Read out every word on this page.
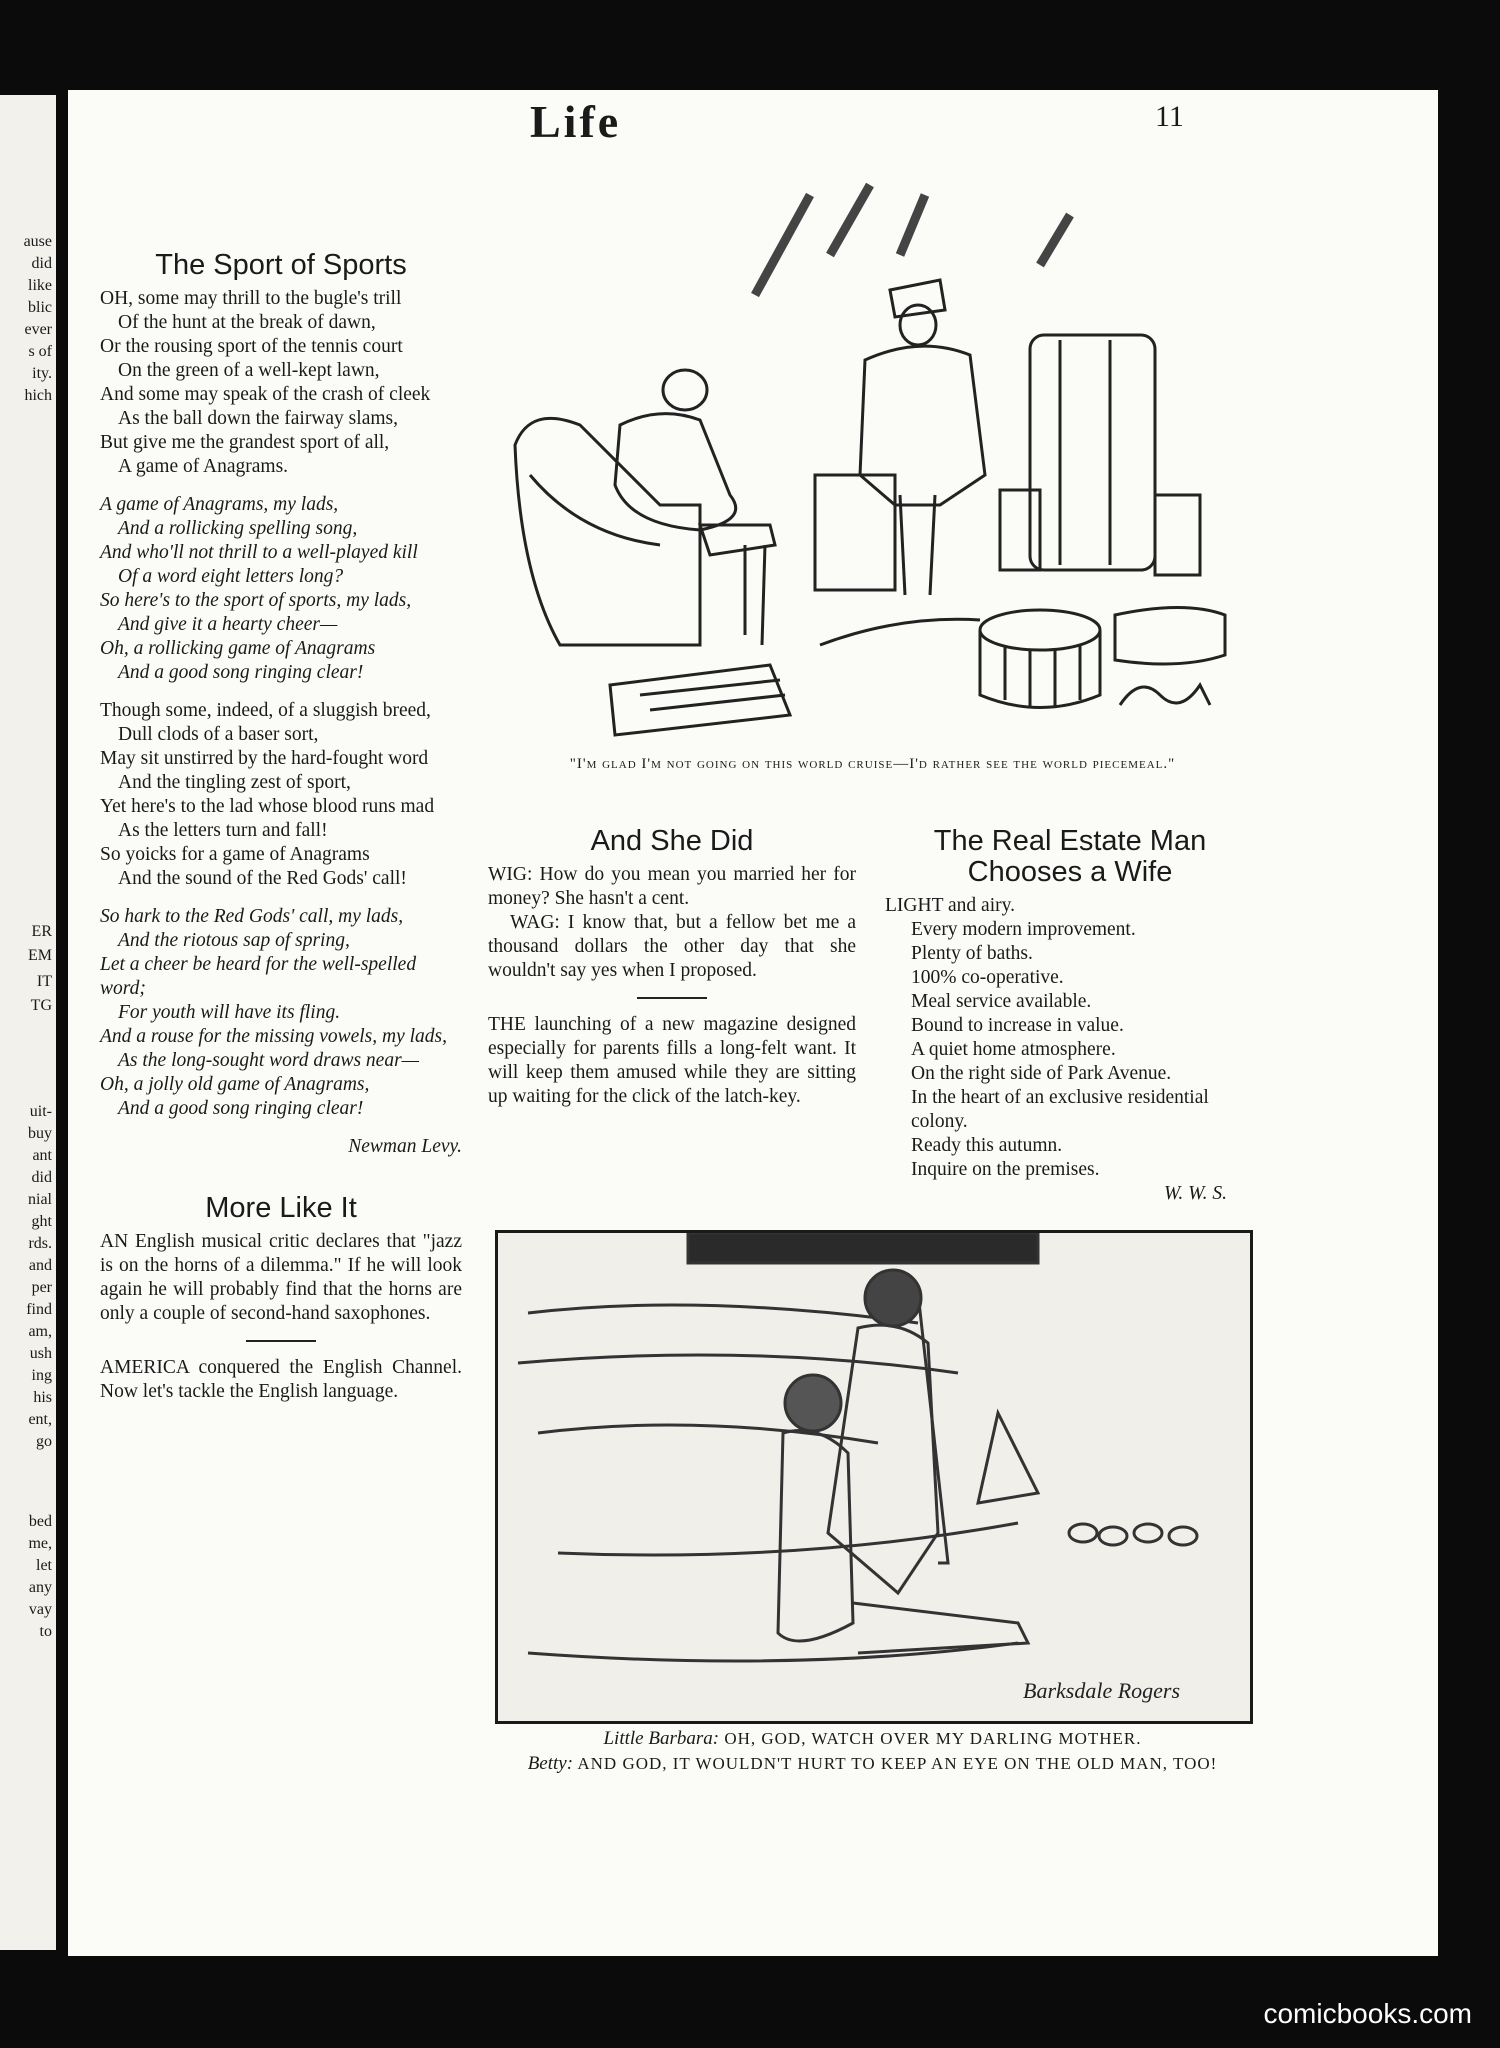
ause
did
like
blic
ever
s of
ity.
hich
ER
EM
IT
TG
uit-
buy
ant
did
nial
ght
rds.
and
per
find
am,
ush
ing
his
ent,
go
bed
me,
let
any
vay
to
Life	11
The Sport of Sports

OH, some may thrill to the bugle's trill

Of the hunt at the break of dawn,

Or the rousing sport of the tennis court

On the green of a well-kept lawn,

And some may speak of the crash of cleek

As the ball down the fairway slams,

But give me the grandest sport of all,

A game of Anagrams.

A game of Anagrams, my lads,

And a rollicking spelling song,

And who'll not thrill to a well-played kill

Of a word eight letters long?

So here's to the sport of sports, my lads,

And give it a hearty cheer—

Oh, a rollicking game of Anagrams

And a good song ringing clear!

Though some, indeed, of a sluggish breed,

Dull clods of a baser sort,

May sit unstirred by the hard-fought word

And the tingling zest of sport,

Yet here's to the lad whose blood runs mad

As the letters turn and fall!

So yoicks for a game of Anagrams

And the sound of the Red Gods' call!

So hark to the Red Gods' call, my lads,

And the riotous sap of spring,

Let a cheer be heard for the well-spelled word;

For youth will have its fling.

And a rouse for the missing vowels, my lads,

As the long-sought word draws near—

Oh, a jolly old game of Anagrams,

And a good song ringing clear!

Newman Levy.
More Like It

AN English musical critic declares that "jazz is on the horns of a dilemma." If he will look again he will probably find that the horns are only a couple of second-hand saxophones.

AMERICA conquered the English Channel. Now let's tackle the English language.

"I'm glad I'm not going on this world cruise—I'd rather see the world piecemeal."
And She Did

WIG: How do you mean you married her for money? She hasn't a cent.

WAG: I know that, but a fellow bet me a thousand dollars the other day that she wouldn't say yes when I proposed.

THE launching of a new magazine designed especially for parents fills a long-felt want. It will keep them amused while they are sitting up waiting for the click of the latch-key.

The Real Estate Man
Chooses a Wife

LIGHT and airy.

Every modern improvement.

Plenty of baths.

100% co-operative.

Meal service available.

Bound to increase in value.

A quiet home atmosphere.

On the right side of Park Avenue.

In the heart of an exclusive residential colony.

Ready this autumn.

Inquire on the premises.

W. W. S.
Barksdale Rogers
Little Barbara: OH, GOD, WATCH OVER MY DARLING MOTHER.
Betty: AND GOD, IT WOULDN'T HURT TO KEEP AN EYE ON THE OLD MAN, TOO!
comicbooks.com
